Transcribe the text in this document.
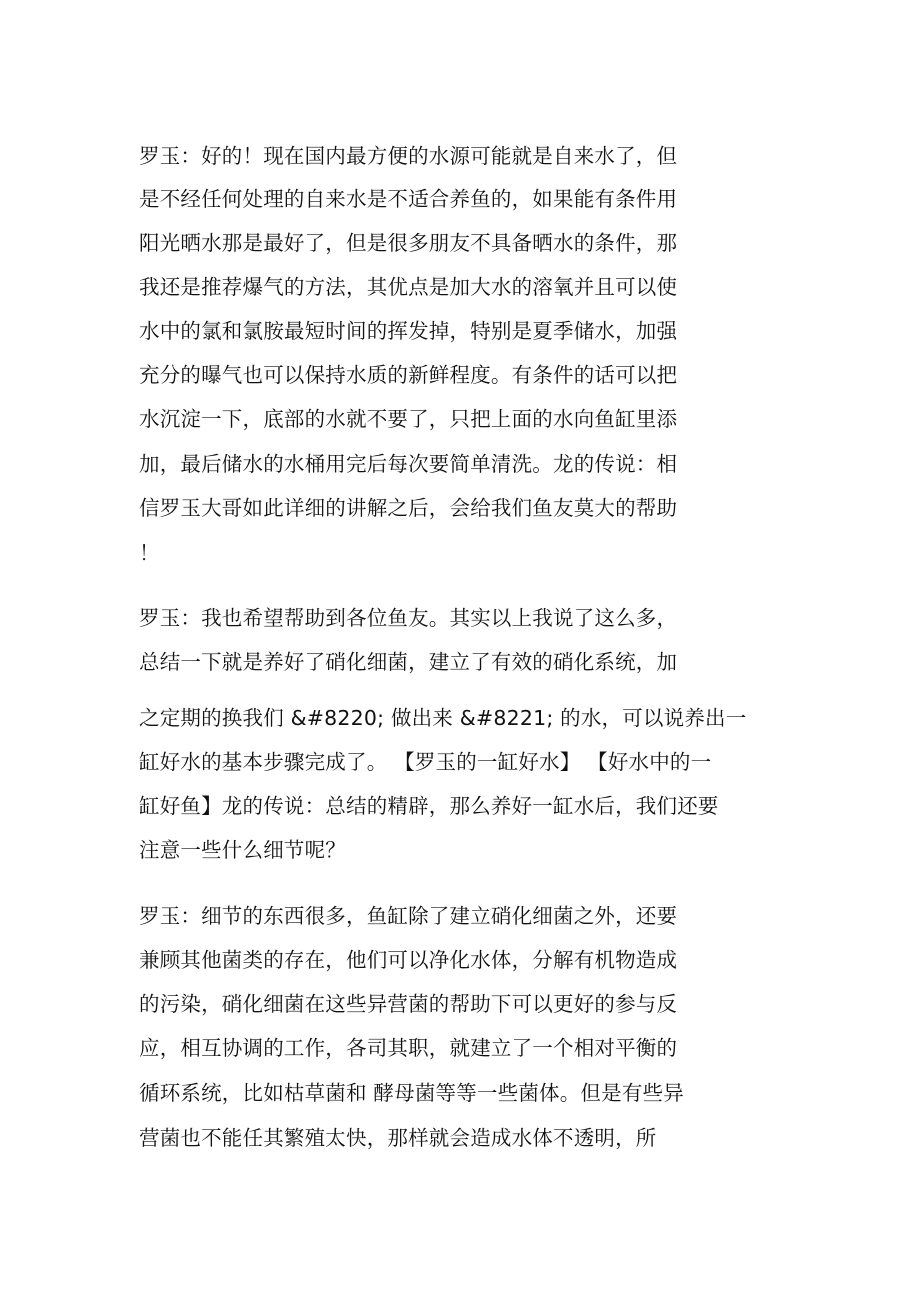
罗玉：好的！现在国内最方便的水源可能就是自来水了，但
是不经任何处理的自来水是不适合养鱼的，如果能有条件用
阳光晒水那是最好了，但是很多朋友不具备晒水的条件，那
我还是推荐爆气的方法，其优点是加大水的溶氧并且可以使
水中的氯和氯胺最短时间的挥发掉，特别是夏季储水，加强
充分的曝气也可以保持水质的新鲜程度。有条件的话可以把
水沉淀一下，底部的水就不要了，只把上面的水向鱼缸里添
加，最后储水的水桶用完后每次要简单清洗。龙的传说：相
信罗玉大哥如此详细的讲解之后，会给我们鱼友莫大的帮助
！
罗玉：我也希望帮助到各位鱼友。其实以上我说了这么多，
总结一下就是养好了硝化细菌，建立了有效的硝化系统，加
之定期的换我们 &#8220; 做出来 &#8221; 的水，可以说养出一
缸好水的基本步骤完成了。 【罗玉的一缸好水】 【好水中的一
缸好鱼】龙的传说：总结的精辟，那么养好一缸水后，我们还要
注意一些什么细节呢？
罗玉：细节的东西很多，鱼缸除了建立硝化细菌之外，还要
兼顾其他菌类的存在，他们可以净化水体，分解有机物造成
的污染，硝化细菌在这些异营菌的帮助下可以更好的参与反
应，相互协调的工作，各司其职，就建立了一个相对平衡的
循环系统，比如枯草菌和 酵母菌等等一些菌体。但是有些异
营菌也不能任其繁殖太快，那样就会造成水体不透明，所
